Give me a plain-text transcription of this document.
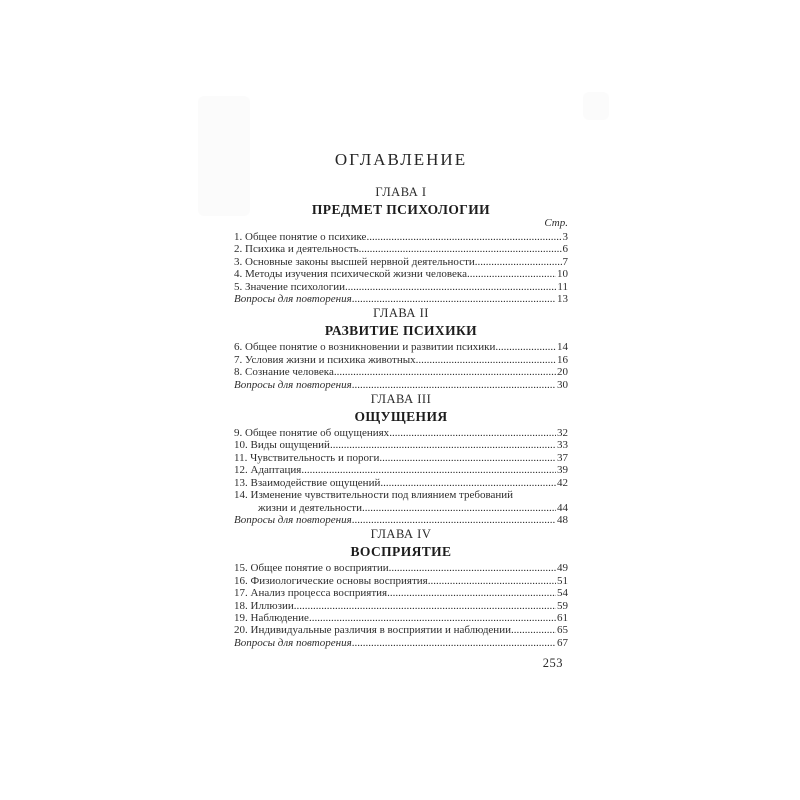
ОГЛАВЛЕНИЕ
ГЛАВА I
ПРЕДМЕТ ПСИХОЛОГИИ
Стр.
1. Общее понятие о психике .....	3
2. Психика и деятельность .....	6
3. Основные законы высшей нервной деятельности .....	7
4. Методы изучения психической жизни человека .....	10
5. Значение психологии .....	11
Вопросы для повторения .....	13
ГЛАВА II
РАЗВИТИЕ ПСИХИКИ
6. Общее понятие о возникновении и развитии психики .....	14
7. Условия жизни и психика животных .....	16
8. Сознание человека .....	20
Вопросы для повторения .....	30
ГЛАВА III
ОЩУЩЕНИЯ
9. Общее понятие об ощущениях .....	32
10. Виды ощущений .....	33
11. Чувствительность и пороги .....	37
12. Адаптация .....	39
13. Взаимодействие ощущений .....	42
14. Изменение чувствительности под влиянием требований
жизни и деятельности .....	44
Вопросы для повторения .....	48
ГЛАВА IV
ВОСПРИЯТИЕ
15. Общее понятие о восприятии .....	49
16. Физиологические основы восприятия .....	51
17. Анализ процесса восприятия .....	54
18. Иллюзии .....	59
19. Наблюдение .....	61
20. Индивидуальные различия в восприятии и наблюдении .....	65
Вопросы для повторения .....	67
253
